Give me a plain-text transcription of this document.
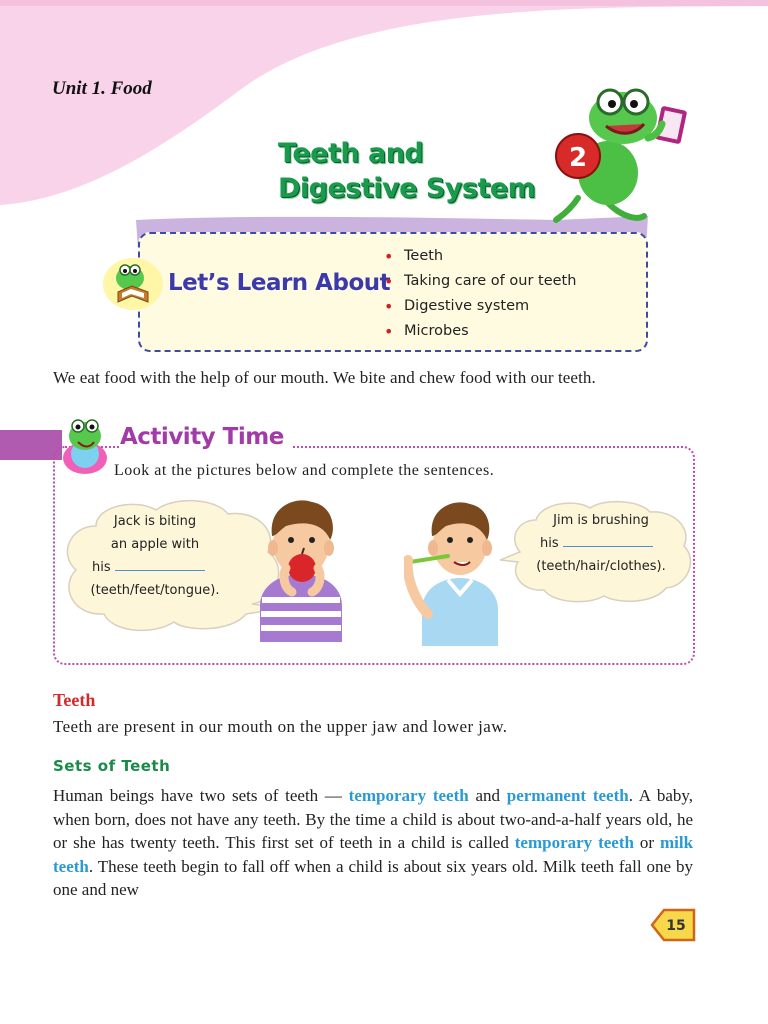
Unit 1. Food
Teeth and Digestive System
2
Let’s Learn About
• Teeth
• Taking care of our teeth
• Digestive system
• Microbes
We eat food with the help of our mouth. We bite and chew food with our teeth.
Activity Time
Look at the pictures below and complete the sentences.
Jack is biting
an apple with
his
(teeth/feet/tongue).
Jim is brushing
his
(teeth/hair/clothes).
Teeth
Teeth are present in our mouth on the upper jaw and lower jaw.
Sets of Teeth
Human beings have two sets of teeth — temporary teeth and permanent teeth. A baby, when born, does not have any teeth. By the time a child is about two-and-a-half years old, he or she has twenty teeth. This first set of teeth in a child is called temporary teeth or milk teeth. These teeth begin to fall off when a child is about six years old. Milk teeth fall one by one and new
15
